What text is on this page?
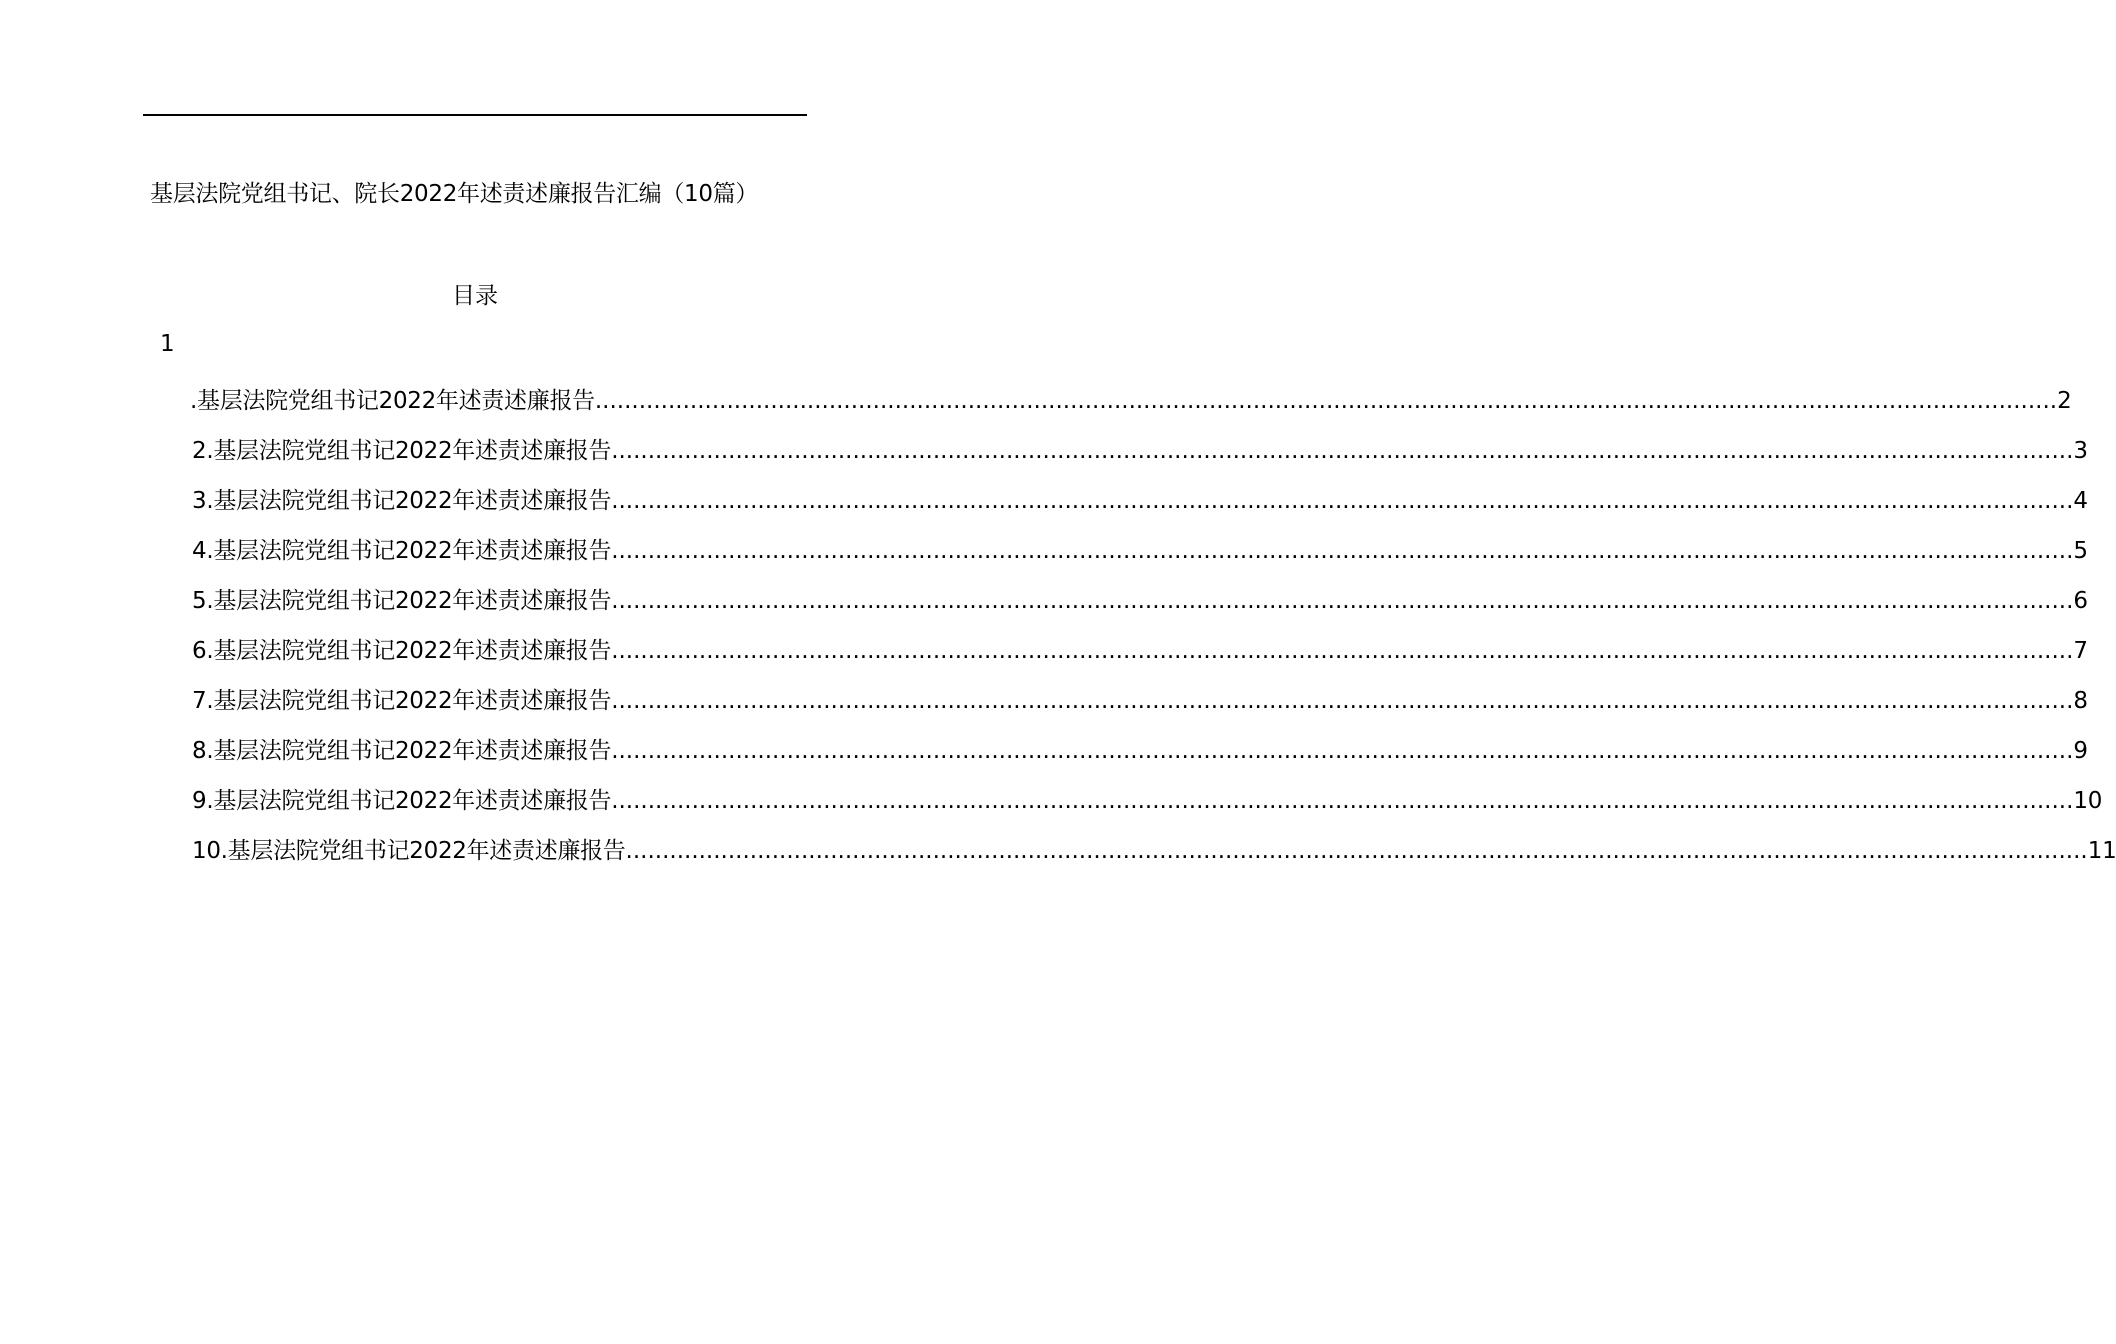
基层法院党组书记、院长2022年述责述廉报告汇编（10篇）
目录
1
.基层法院党组书记2022年述责述廉报告 ........................................................................................................................................................................................................ 2
2.基层法院党组书记2022年述责述廉报告 ........................................................................................................................................................................................................ 3
3.基层法院党组书记2022年述责述廉报告 ........................................................................................................................................................................................................ 4
4.基层法院党组书记2022年述责述廉报告 ........................................................................................................................................................................................................ 5
5.基层法院党组书记2022年述责述廉报告 ........................................................................................................................................................................................................ 6
6.基层法院党组书记2022年述责述廉报告 ........................................................................................................................................................................................................ 7
7.基层法院党组书记2022年述责述廉报告 ........................................................................................................................................................................................................ 8
8.基层法院党组书记2022年述责述廉报告 ........................................................................................................................................................................................................ 9
9.基层法院党组书记2022年述责述廉报告 ........................................................................................................................................................................................................ 10
10.基层法院党组书记2022年述责述廉报告 ........................................................................................................................................................................................................ 11
